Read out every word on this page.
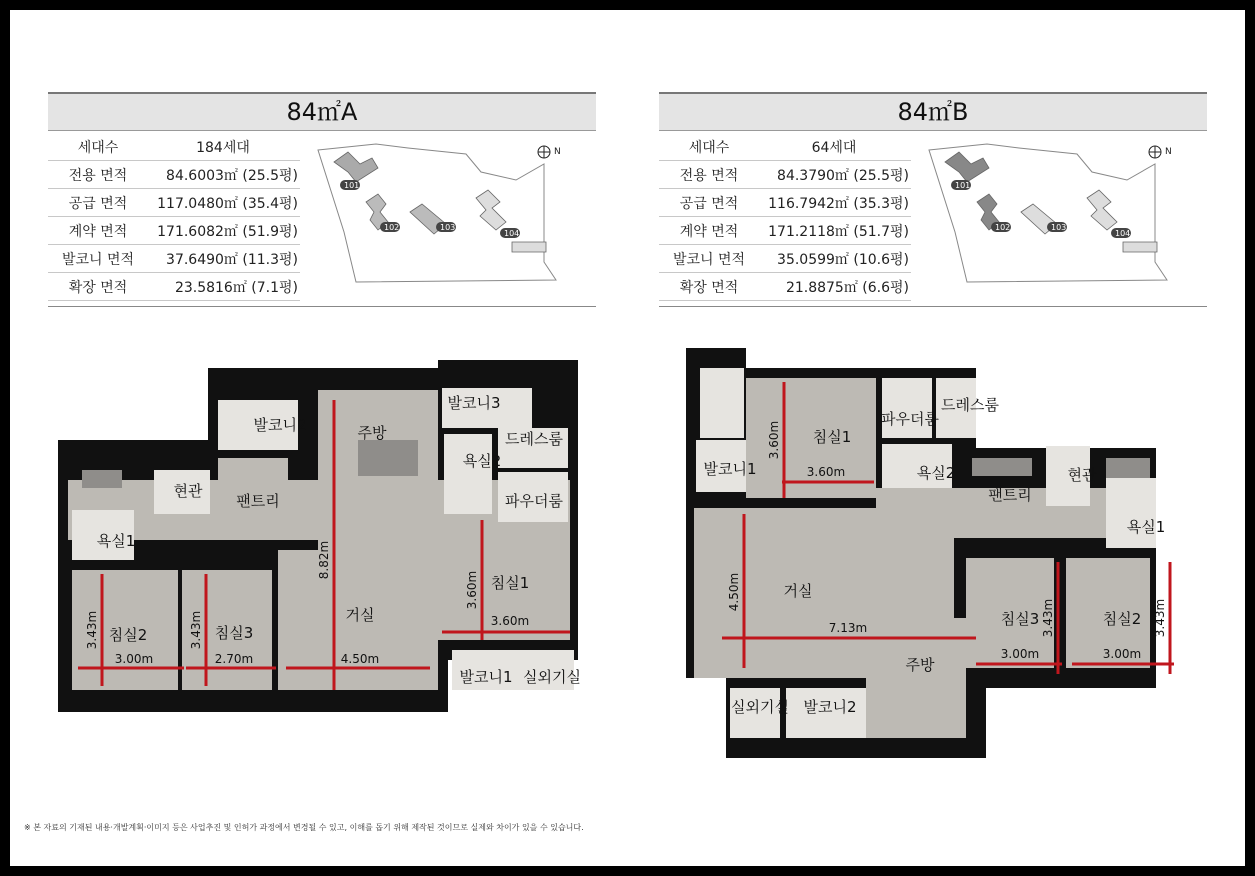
84㎡A
세대수	184세대
전용 면적	84.6003㎡ (25.5평)
공급 면적	117.0480㎡ (35.4평)
계약 면적	171.6082㎡ (51.9평)
발코니 면적	37.6490㎡ (11.3평)
확장 면적	23.5816㎡ (7.1평)
N
101
102	103
104
84㎡B
세대수	64세대
전용 면적	84.3790㎡ (25.5평)
공급 면적	116.7942㎡ (35.3평)
계약 면적	171.2118㎡ (51.7평)
발코니 면적	35.0599㎡ (10.6평)
확장 면적	21.8875㎡ (6.6평)
N
101
102	103
104
발코니2	주방
발코니3
드레스룸
현관
팬트리
욕실2
파우더룸
욕실1
침실1
침실2	침실3
거실
발코니1 실외기실
8.82m
3.60m
3.60m
3.43m
3.00m
3.43m
2.70m	4.50m
침실1
파우더룸
드레스룸
발코니1	욕실2	현관
팬트리
욕실1
거실
침실3	침실2
주방
실외기실 발코니2
3.60m
3.60m
4.50m
7.13m	3.43m
3.00m
3.43m
3.00m
※ 본 자료의 기재된 내용·개발계획·이미지 등은 사업추진 및 인허가 과정에서 변경될 수 있고, 이해를 돕기 위해 제작된 것이므로 실제와 차이가 있을 수 있습니다.
